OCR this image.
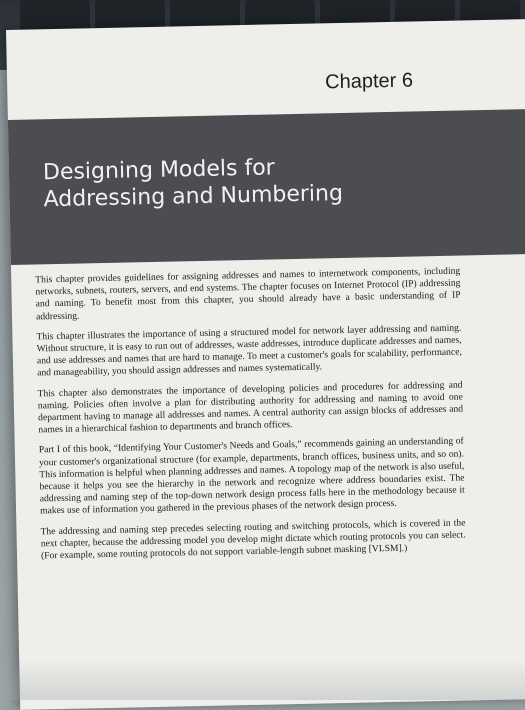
Chapter 6
Designing Models for
Addressing and Numbering

This chapter provides guidelines for assigning addresses and names to internetwork components, including networks, subnets, routers, servers, and end systems. The chapter focuses on Internet Protocol (IP) addressing and naming. To benefit most from this chapter, you should already have a basic understanding of IP addressing.

This chapter illustrates the importance of using a structured model for network layer addressing and naming. Without structure, it is easy to run out of addresses, waste addresses, introduce duplicate addresses and names, and use addresses and names that are hard to manage. To meet a customer's goals for scalability, performance, and manageability, you should assign addresses and names systematically.

This chapter also demonstrates the importance of developing policies and procedures for addressing and naming. Policies often involve a plan for distributing authority for addressing and naming to avoid one department having to manage all addresses and names. A central authority can assign blocks of addresses and names in a hierarchical fashion to departments and branch offices.

Part I of this book, “Identifying Your Customer's Needs and Goals,” recommends gaining an understanding of your customer's organizational structure (for example, departments, branch offices, business units, and so on). This information is helpful when planning addresses and names. A topology map of the network is also useful, because it helps you see the hierarchy in the network and recognize where address boundaries exist. The addressing and naming step of the top-down network design process falls here in the methodology because it makes use of information you gathered in the previous phases of the network design process.

The addressing and naming step precedes selecting routing and switching protocols, which is covered in the next chapter, because the addressing model you develop might dictate which routing protocols you can select. (For example, some routing protocols do not support variable-length subnet masking [VLSM].)
